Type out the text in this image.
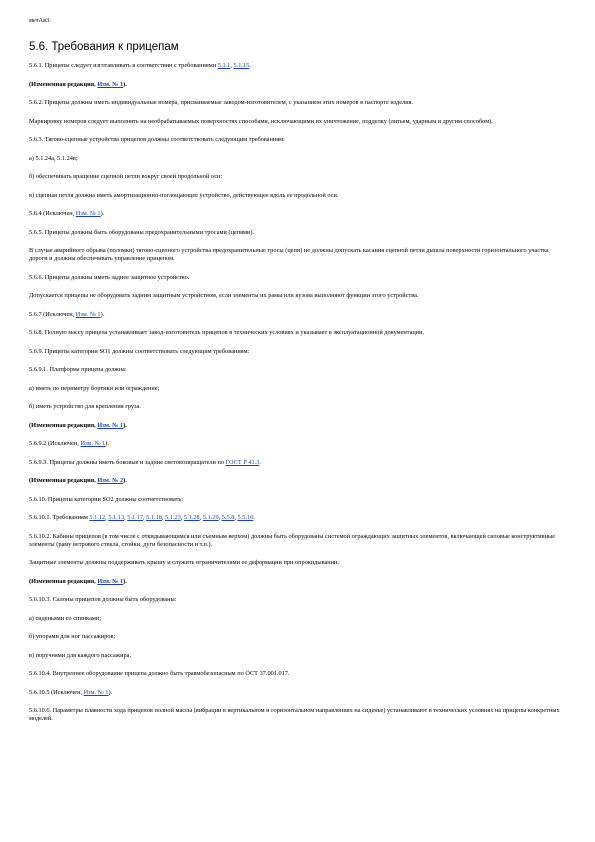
метАв3.

5.6. Требования к прицепам

5.6.1. Прицепы следует изготавливать в соответствии с требованиями 5.1.1 , 5.1.15.

(Измененная редакция, Изм. № 1).

5.6.2. Прицепы должны иметь индивидуальные номера, присваиваемые заводом-изготовителем, с указанием этих номеров в паспорте изделия.

Маркировку номеров следует выполнять на необрабатываемых поверхностях способами, исключающими их уничтожение, подделку (литьем, ударным и другим способом).

5.6.3. Тягово-сцепные устройства прицепов должны соответствовать следующим требованиям:

а) 5.1.24а, 5.1.24в;

б) обеспечивать вращение сцепной петли вокруг своей продольной оси;

в) сцепная петля должна иметь амортизационно-поглощающее устройство, действующее вдоль ее продольной оси.

5.6.4 (Исключен, Изм. № 1).

5.6.5. Прицепы должны быть оборудованы предохранительными тросами (цепями).

В случае аварийного обрыва (поломки) тягово-сцепного устройства предохранительные тросы (цепи) не должны допускать касания сцепной петли дышла поверхности горизонтального участка дороги и должны обеспечивать управление прицепом.

5.6.6. Прицепы должны иметь заднее защитное устройство.

Допускается прицепы не оборудовать задним защитным устройством, если элементы их рамы или кузова выполняют функции этого устройства.

5.6.7 (Исключен, Изм. № 1).

5.6.8. Полную массу прицепа устанавливает завод-изготовитель прицепов в технических условиях и указывает в эксплуатационной документации.

5.6.9. Прицепы категории SO1 должны соответствовать следующим требованиям:

5.6.9.1. Платформа прицепа должна:

а) иметь по периметру бортики или ограждение;

б) иметь устройство для крепления груза.

(Измененная редакция, Изм. № 1).

5.6.9.2 (Исключен, Изм. № 1).

5.6.9.3. Прицепы должны иметь боковые и задние световозвращатели по ГОСТ Р 41.3.

(Измененная редакция, Изм. № 2).

5.6.10. Прицепы категории SO2 должны соответствовать:

5.6.10.1. Требованиям 5.1.12 , 5.1.13 , 5.1.17 , 5.1.18 , 5.1.23 , 5.1.28 , 5.1.29 , 5.5.8 , 5.5.10.

5.6.10.2. Кабины прицепов (в том числе с откидывающимся или съемным верхом) должны быть оборудованы системой ограждающих защитных элементов, включающей силовые конструктивные элементы (раму ветрового стекла, стойки, дуги безопасности и т.п.).

Защитные элементы должны поддерживать крышу и служить ограничителями ее деформации при опрокидывании.

(Измененная редакция, Изм. № 1).

5.6.10.3. Салоны прицепов должны быть оборудованы:

а) сиденьями со спинками;

б) упорами для ног пассажиров;

в) поручнями для каждого пассажира.

5.6.10.4. Внутреннее оборудование прицепа должно быть травмобезопасным по ОСТ 37.001.017.

5.6.10.5 (Исключен, Изм. № 1).

5.6.10.6. Параметры плавности хода прицепов полной массы (вибрации в вертикальном и горизонтальном направлениях на сиденье) устанавливают в технических условиях на прицепы конкретных моделей.
